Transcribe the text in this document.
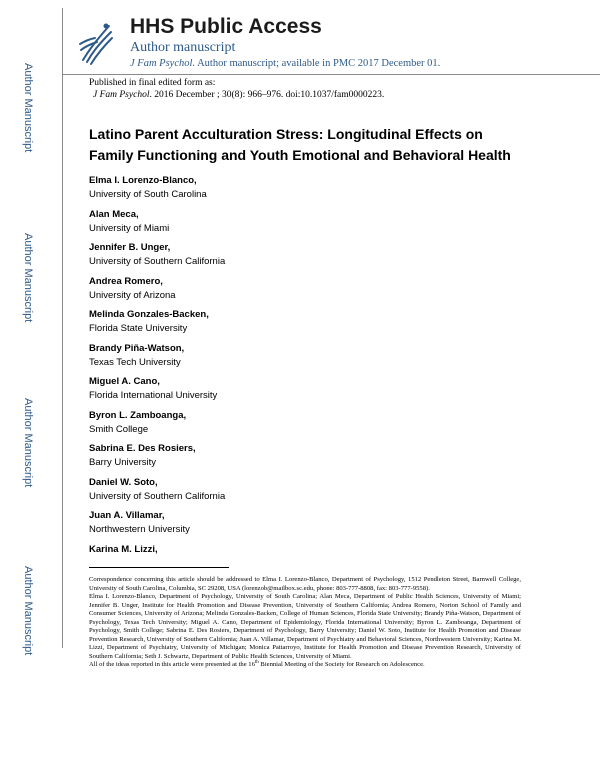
Author Manuscript
Author Manuscript
Author Manuscript
Author Manuscript
HHS Public Access
Author manuscript
J Fam Psychol. Author manuscript; available in PMC 2017 December 01.
Published in final edited form as:
J Fam Psychol. 2016 December ; 30(8): 966–976. doi:10.1037/fam0000223.
Latino Parent Acculturation Stress: Longitudinal Effects on
Family Functioning and Youth Emotional and Behavioral Health
Elma I. Lorenzo-Blanco,
University of South Carolina
Alan Meca,
University of Miami
Jennifer B. Unger,
University of Southern California
Andrea Romero,
University of Arizona
Melinda Gonzales-Backen,
Florida State University
Brandy Piña-Watson,
Texas Tech University
Miguel A. Cano,
Florida International University
Byron L. Zamboanga,
Smith College
Sabrina E. Des Rosiers,
Barry University
Daniel W. Soto,
University of Southern California
Juan A. Villamar,
Northwestern University
Karina M. Lizzi,

Correspondence concerning this article should be addressed to Elma I. Lorenzo-Blanco, Department of Psychology, 1512 Pendleton Street, Barnwell College, University of South Carolina, Columbia, SC 29208, USA (lorenzob@mailbox.sc.edu, phone: 803-777-8808, fax: 803-777-9558).

Elma I. Lorenzo-Blanco, Department of Psychology, University of South Carolina; Alan Meca, Department of Public Health Sciences, University of Miami; Jennifer B. Unger, Institute for Health Promotion and Disease Prevention, University of Southern California; Andrea Romero, Norton School of Family and Consumer Sciences, University of Arizona; Melinda Gonzales-Backen, College of Human Sciences, Florida State University; Brandy Piña-Watson, Department of Psychology, Texas Tech University; Miguel A. Cano, Department of Epidemiology, Florida International University; Byron L. Zamboanga, Department of Psychology, Smith College; Sabrina E. Des Rosiers, Department of Psychology, Barry University; Daniel W. Soto, Institute for Health Promotion and Disease Prevention Research, University of Southern California; Juan A. Villamar, Department of Psychiatry and Behavioral Sciences, Northwestern University; Karina M. Lizzi, Department of Psychiatry, University of Michigan; Monica Pattarroyo, Institute for Health Promotion and Disease Prevention Research, University of Southern California; Seth J. Schwartz, Department of Public Health Sciences, University of Miami.

All of the ideas reported in this article were presented at the 16th Biennial Meeting of the Society for Research on Adolescence.
